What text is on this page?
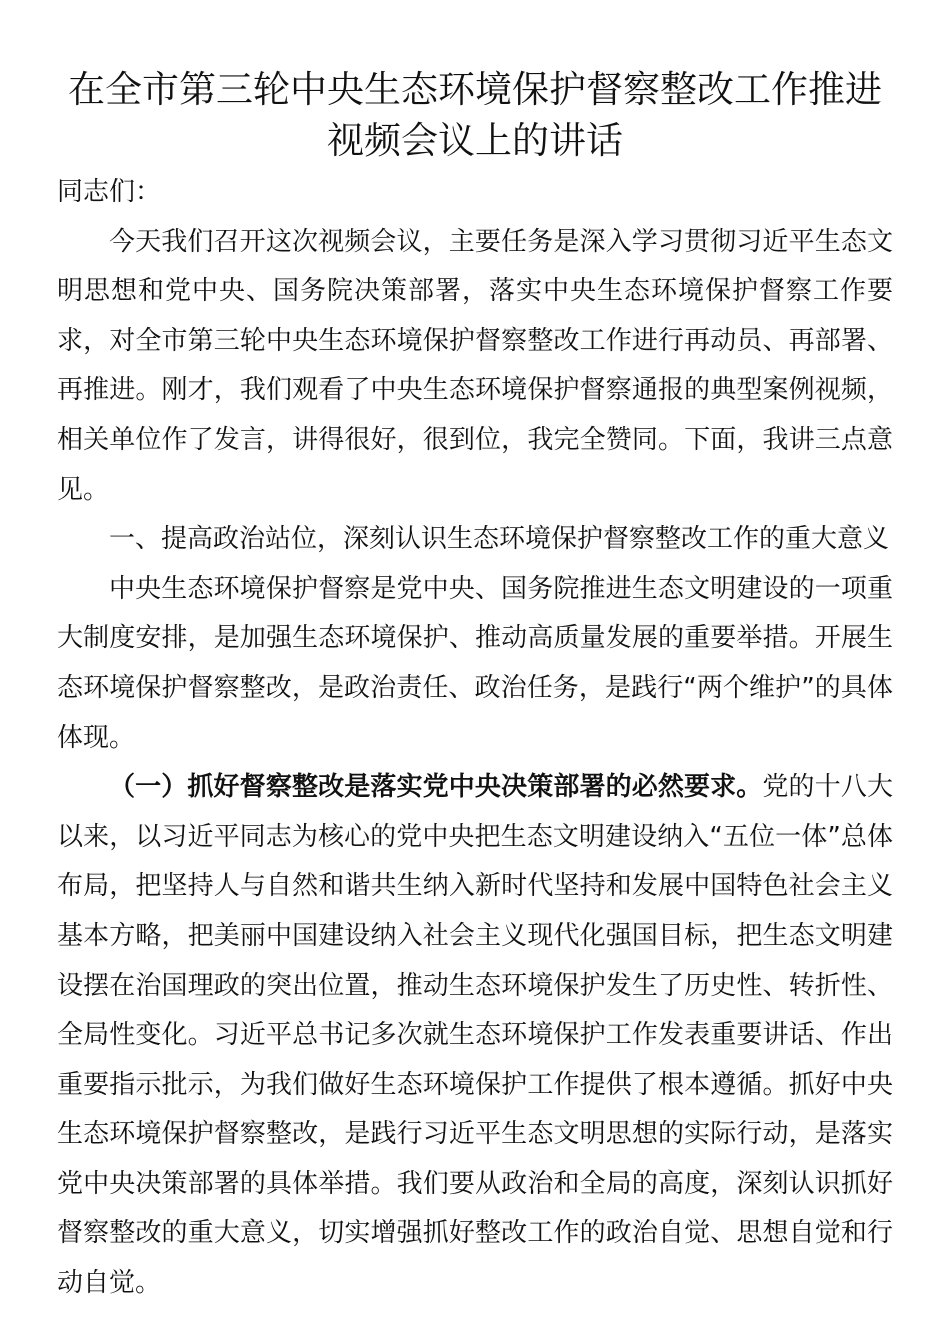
在全市第三轮中央生态环境保护督察整改工作推进视频会议上的讲话

同志们：

今天我们召开这次视频会议，主要任务是深入学习贯彻习近平生态文明思想和党中央、国务院决策部署，落实中央生态环境保护督察工作要求，对全市第三轮中央生态环境保护督察整改工作进行再动员、再部署、再推进。刚才，我们观看了中央生态环境保护督察通报的典型案例视频，相关单位作了发言，讲得很好，很到位，我完全赞同。下面，我讲三点意见。

一、提高政治站位，深刻认识生态环境保护督察整改工作的重大意义

中央生态环境保护督察是党中央、国务院推进生态文明建设的一项重大制度安排，是加强生态环境保护、推动高质量发展的重要举措。开展生态环境保护督察整改，是政治责任、政治任务，是践行“两个维护”的具体体现。

（一）抓好督察整改是落实党中央决策部署的必然要求。党的十八大以来，以习近平同志为核心的党中央把生态文明建设纳入“五位一体”总体布局，把坚持人与自然和谐共生纳入新时代坚持和发展中国特色社会主义基本方略，把美丽中国建设纳入社会主义现代化强国目标，把生态文明建设摆在治国理政的突出位置，推动生态环境保护发生了历史性、转折性、全局性变化。习近平总书记多次就生态环境保护工作发表重要讲话、作出重要指示批示，为我们做好生态环境保护工作提供了根本遵循。抓好中央生态环境保护督察整改，是践行习近平生态文明思想的实际行动，是落实党中央决策部署的具体举措。我们要从政治和全局的高度，深刻认识抓好督察整改的重大意义，切实增强抓好整改工作的政治自觉、思想自觉和行动自觉。
